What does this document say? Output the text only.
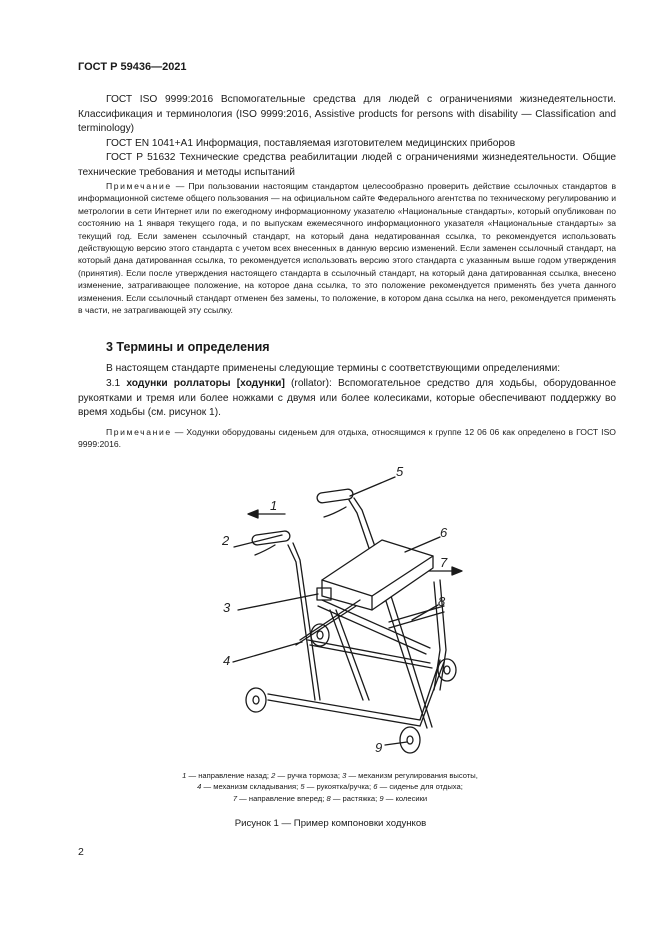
ГОСТ Р 59436—2021
ГОСТ ISO 9999:2016 Вспомогательные средства для людей с ограничениями жизнедеятельности. Классификация и терминология (ISO 9999:2016, Assistive products for persons with disability — Classification and terminology)
ГОСТ EN 1041+A1 Информация, поставляемая изготовителем медицинских приборов
ГОСТ Р 51632 Технические средства реабилитации людей с ограничениями жизнедеятельности. Общие технические требования и методы испытаний
Примечание — При пользовании настоящим стандартом целесообразно проверить действие ссылочных стандартов в информационной системе общего пользования — на официальном сайте Федерального агентства по техническому регулированию и метрологии в сети Интернет или по ежегодному информационному указателю «Национальные стандарты», который опубликован по состоянию на 1 января текущего года, и по выпускам ежемесячного информационного указателя «Национальные стандарты» за текущий год. Если заменен ссылочный стандарт, на который дана недатированная ссылка, то рекомендуется использовать действующую версию этого стандарта с учетом всех внесенных в данную версию изменений. Если заменен ссылочный стандарт, на который дана датированная ссылка, то рекомендуется использовать версию этого стандарта с указанным выше годом утверждения (принятия). Если после утверждения настоящего стандарта в ссылочный стандарт, на который дана датированная ссылка, внесено изменение, затрагивающее положение, на которое дана ссылка, то это положение рекомендуется применять без учета данного изменения. Если ссылочный стандарт отменен без замены, то положение, в котором дана ссылка на него, рекомендуется применять в части, не затрагивающей эту ссылку.
3 Термины и определения
В настоящем стандарте применены следующие термины с соответствующими определениями:
3.1 ходунки роллаторы [ходунки] (rollator): Вспомогательное средство для ходьбы, оборудованное рукоятками и тремя или более ножками с двумя или более колесиками, которые обеспечивают поддержку во время ходьбы (см. рисунок 1).
Примечание — Ходунки оборудованы сиденьем для отдыха, относящимся к группе 12 06 06 как определено в ГОСТ ISO 9999:2016.
1
2
3
4
5
6
7
8
9
1 — направление назад; 2 — ручка тормоза; 3 — механизм регулирования высоты,
4 — механизм складывания; 5 — рукоятка/ручка; 6 — сиденье для отдыха;
7 — направление вперед; 8 — растяжка; 9 — колесики
Рисунок 1 — Пример компоновки ходунков
2
